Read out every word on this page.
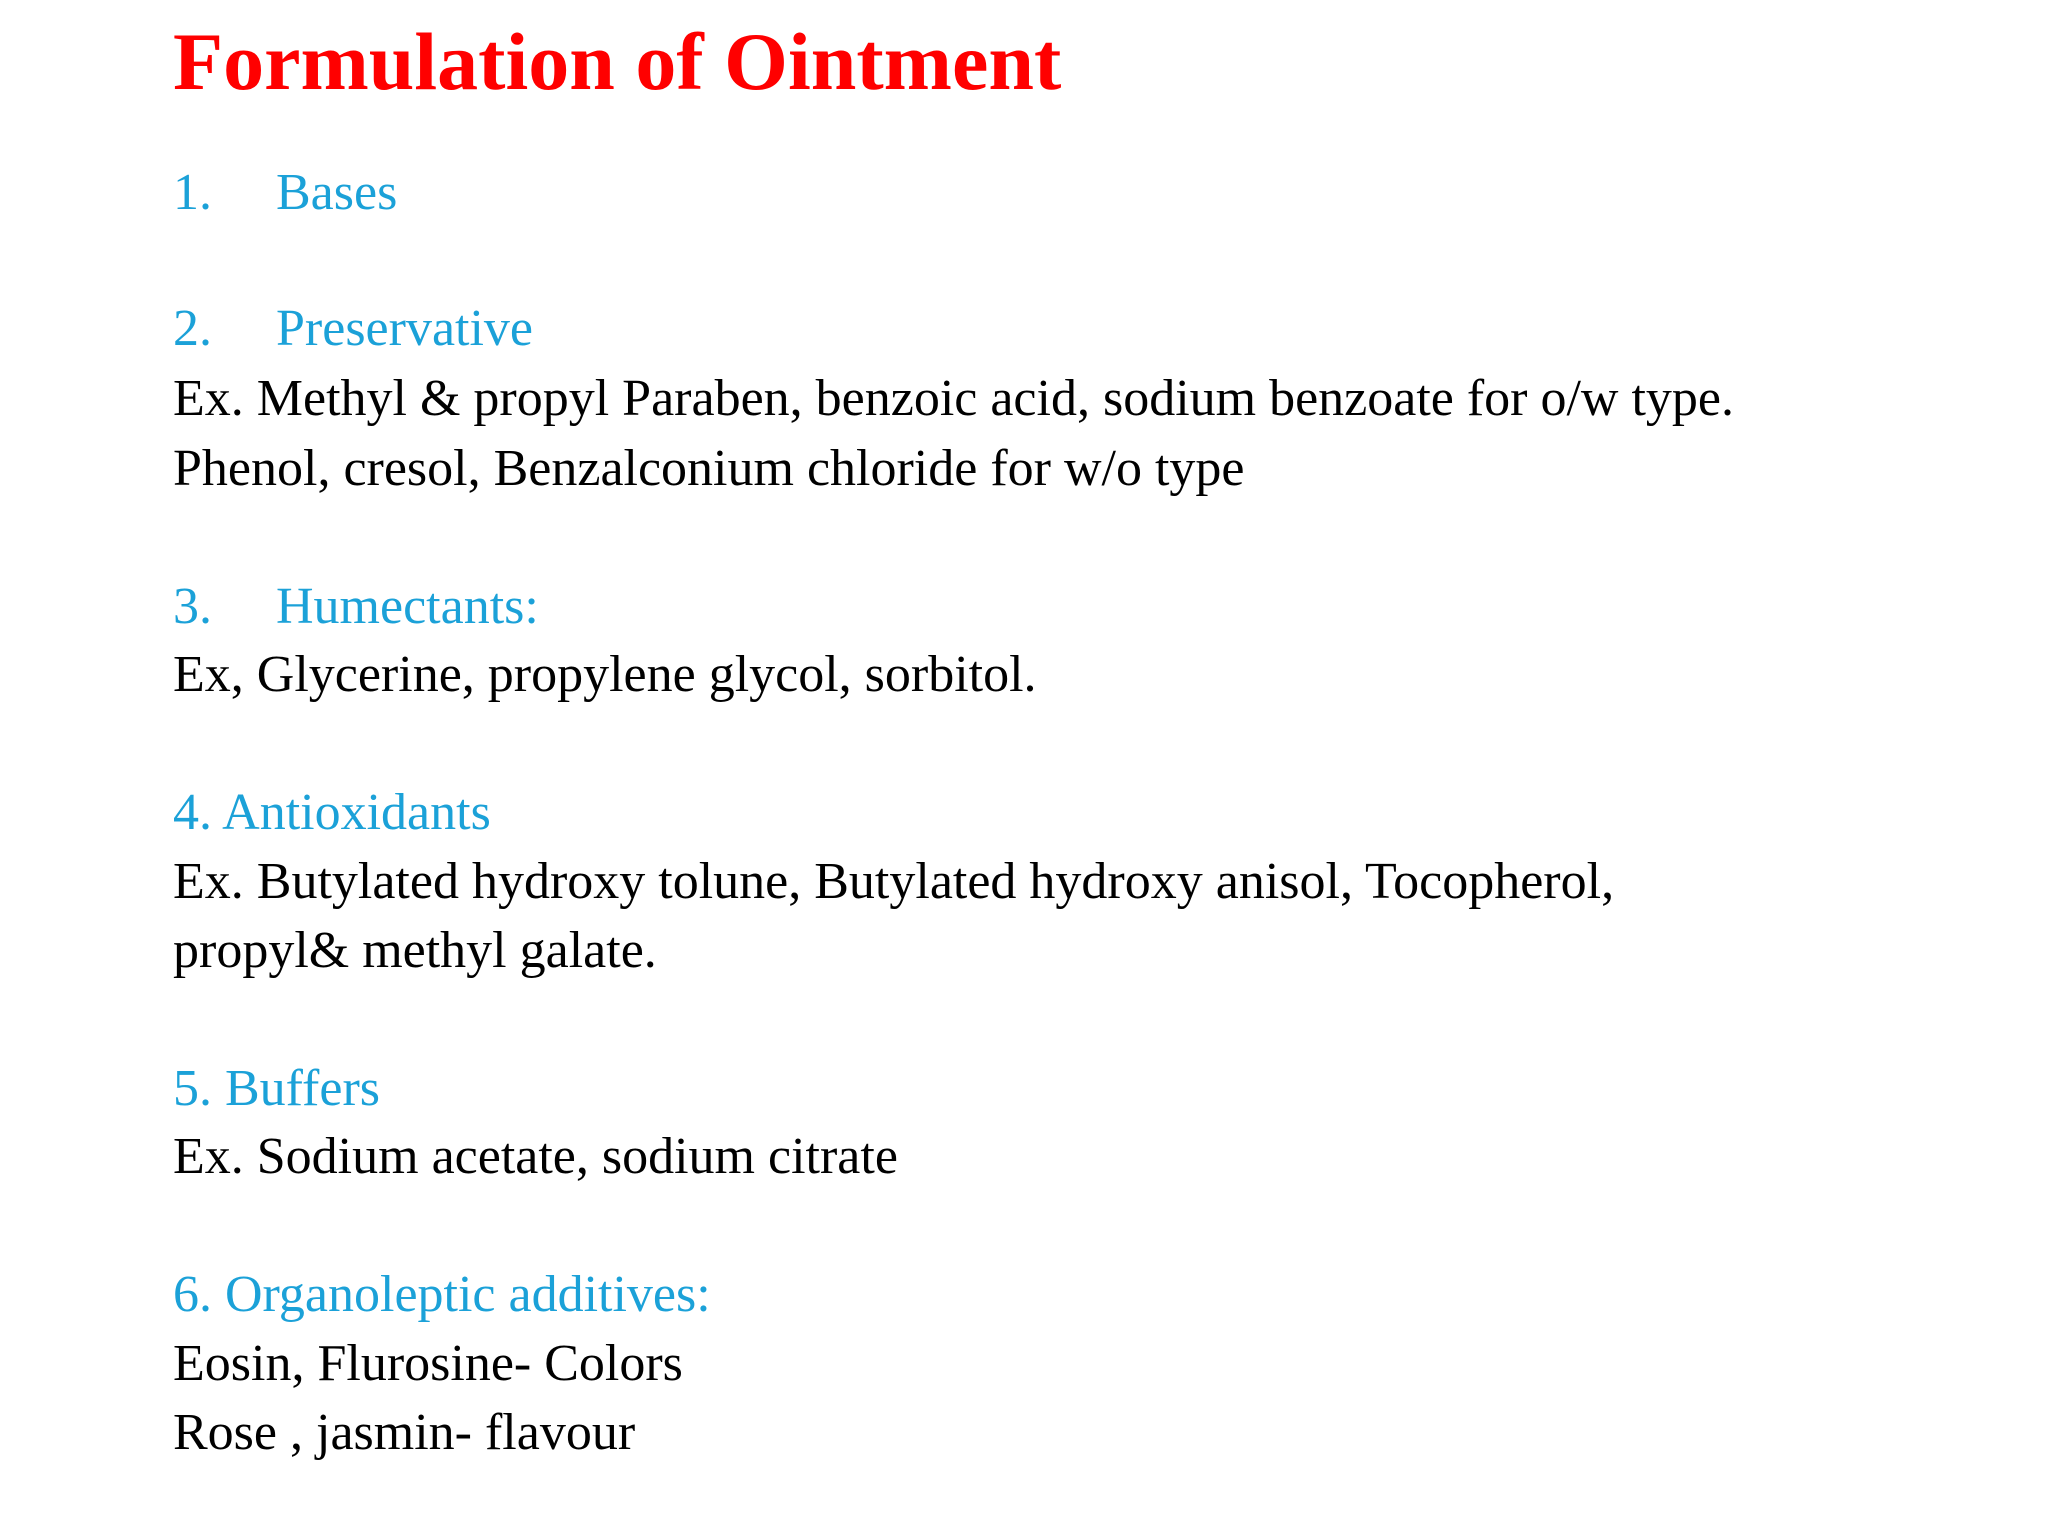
Formulation of Ointment
1. Bases
2. Preservative
Ex. Methyl & propyl Paraben, benzoic acid, sodium benzoate for o/w type.
Phenol, cresol, Benzalconium chloride for w/o type
3. Humectants:
Ex, Glycerine, propylene glycol, sorbitol.
4. Antioxidants
Ex. Butylated hydroxy tolune, Butylated hydroxy anisol, Tocopherol,
propyl& methyl galate.
5. Buffers
Ex. Sodium acetate, sodium citrate
6. Organoleptic additives:
Eosin, Flurosine- Colors
Rose , jasmin- flavour
